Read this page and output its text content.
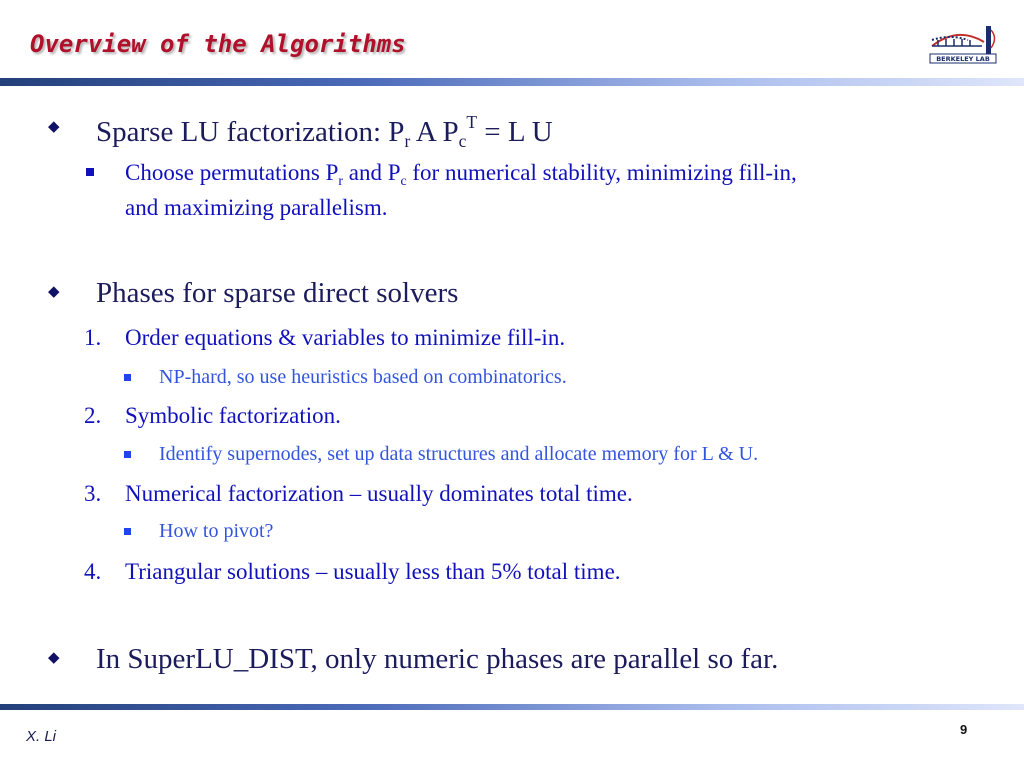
Overview of the Algorithms
BERKELEY LAB
◆ Sparse LU factorization: $P_r$ A $P_c^T = L$ U

Choose permutations $P_r$ and $P_c$ for numerical stability, minimizing fill-in,

and maximizing parallelism.

◆ Phases for sparse direct solvers

1. Order equations & variables to minimize fill-in.

NP-hard, so use heuristics based on combinatorics.

2. Symbolic factorization.

Identify supernodes, set up data structures and allocate memory for L & U.

3. Numerical factorization – usually dominates total time.

How to pivot?

4. Triangular solutions – usually less than 5% total time.

◆ In SuperLU_DIST, only numeric phases are parallel so far.

X. Li	9
